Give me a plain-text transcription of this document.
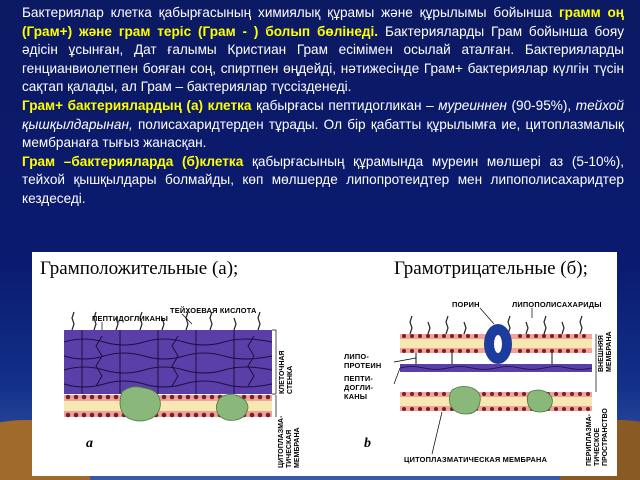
Бактериялар клетка қабырғасының химиялық құрамы және құрылымы бойынша грамм оң (Грам+) және грам теріс (Грам - ) болып бөлінеді. Бактерияларды Грам бойынша бояу әдісін ұсынған, Дат ғалымы Кристиан Грам есімімен осылай аталған. Бактерияларды генцианвиолетпен бояған соң, спиртпен өңдейді, нәтижесінде Грам+ бактериялар күлгін түсін сақтап қалады, ал Грам – бактериялар түссізденеді.
Грам+ бактериялардың (а) клетка қабырғасы пептидогликан – муреиннен (90-95%), тейхой қышқылдарынан, полисахаридтерден тұрады. Ол бір қабатты құрылымға ие, цитоплазмалық мембранаға тығыз жанасқан.
Грам –бактерияларда (б)клетка қабырғасының құрамында муреин мөлшері аз (5-10%), тейхой қышқылдары болмайды, көп мөлшерде липопротеидтер мен липополисахаридтер кездеседі.
Грамположительные (а);	Грамотрицательные (б);
ПЕПТИДОГЛИКАНЫ
ТЕЙХОЕВАЯ КИСЛОТА
КЛЕТОЧНАЯ
СТЕНКА
ЦИТОПЛАЗМА-
ТИЧЕСКАЯ
МЕМБРАНА
a
ПОРИН	ЛИПОПОЛИСАХАРИДЫ
ЛИПО-
ПРОТЕИН
ПЕПТИ-
ДОГЛИ-
КАНЫ
ВНЕШНЯЯ
МЕМБРАНА
ПЕРИПЛАЗМА-
ТИЧЕСКОЕ
ПРОСТРАНСТВО
ЦИТОПЛАЗМАТИЧЕСКАЯ МЕМБРАНА
b
